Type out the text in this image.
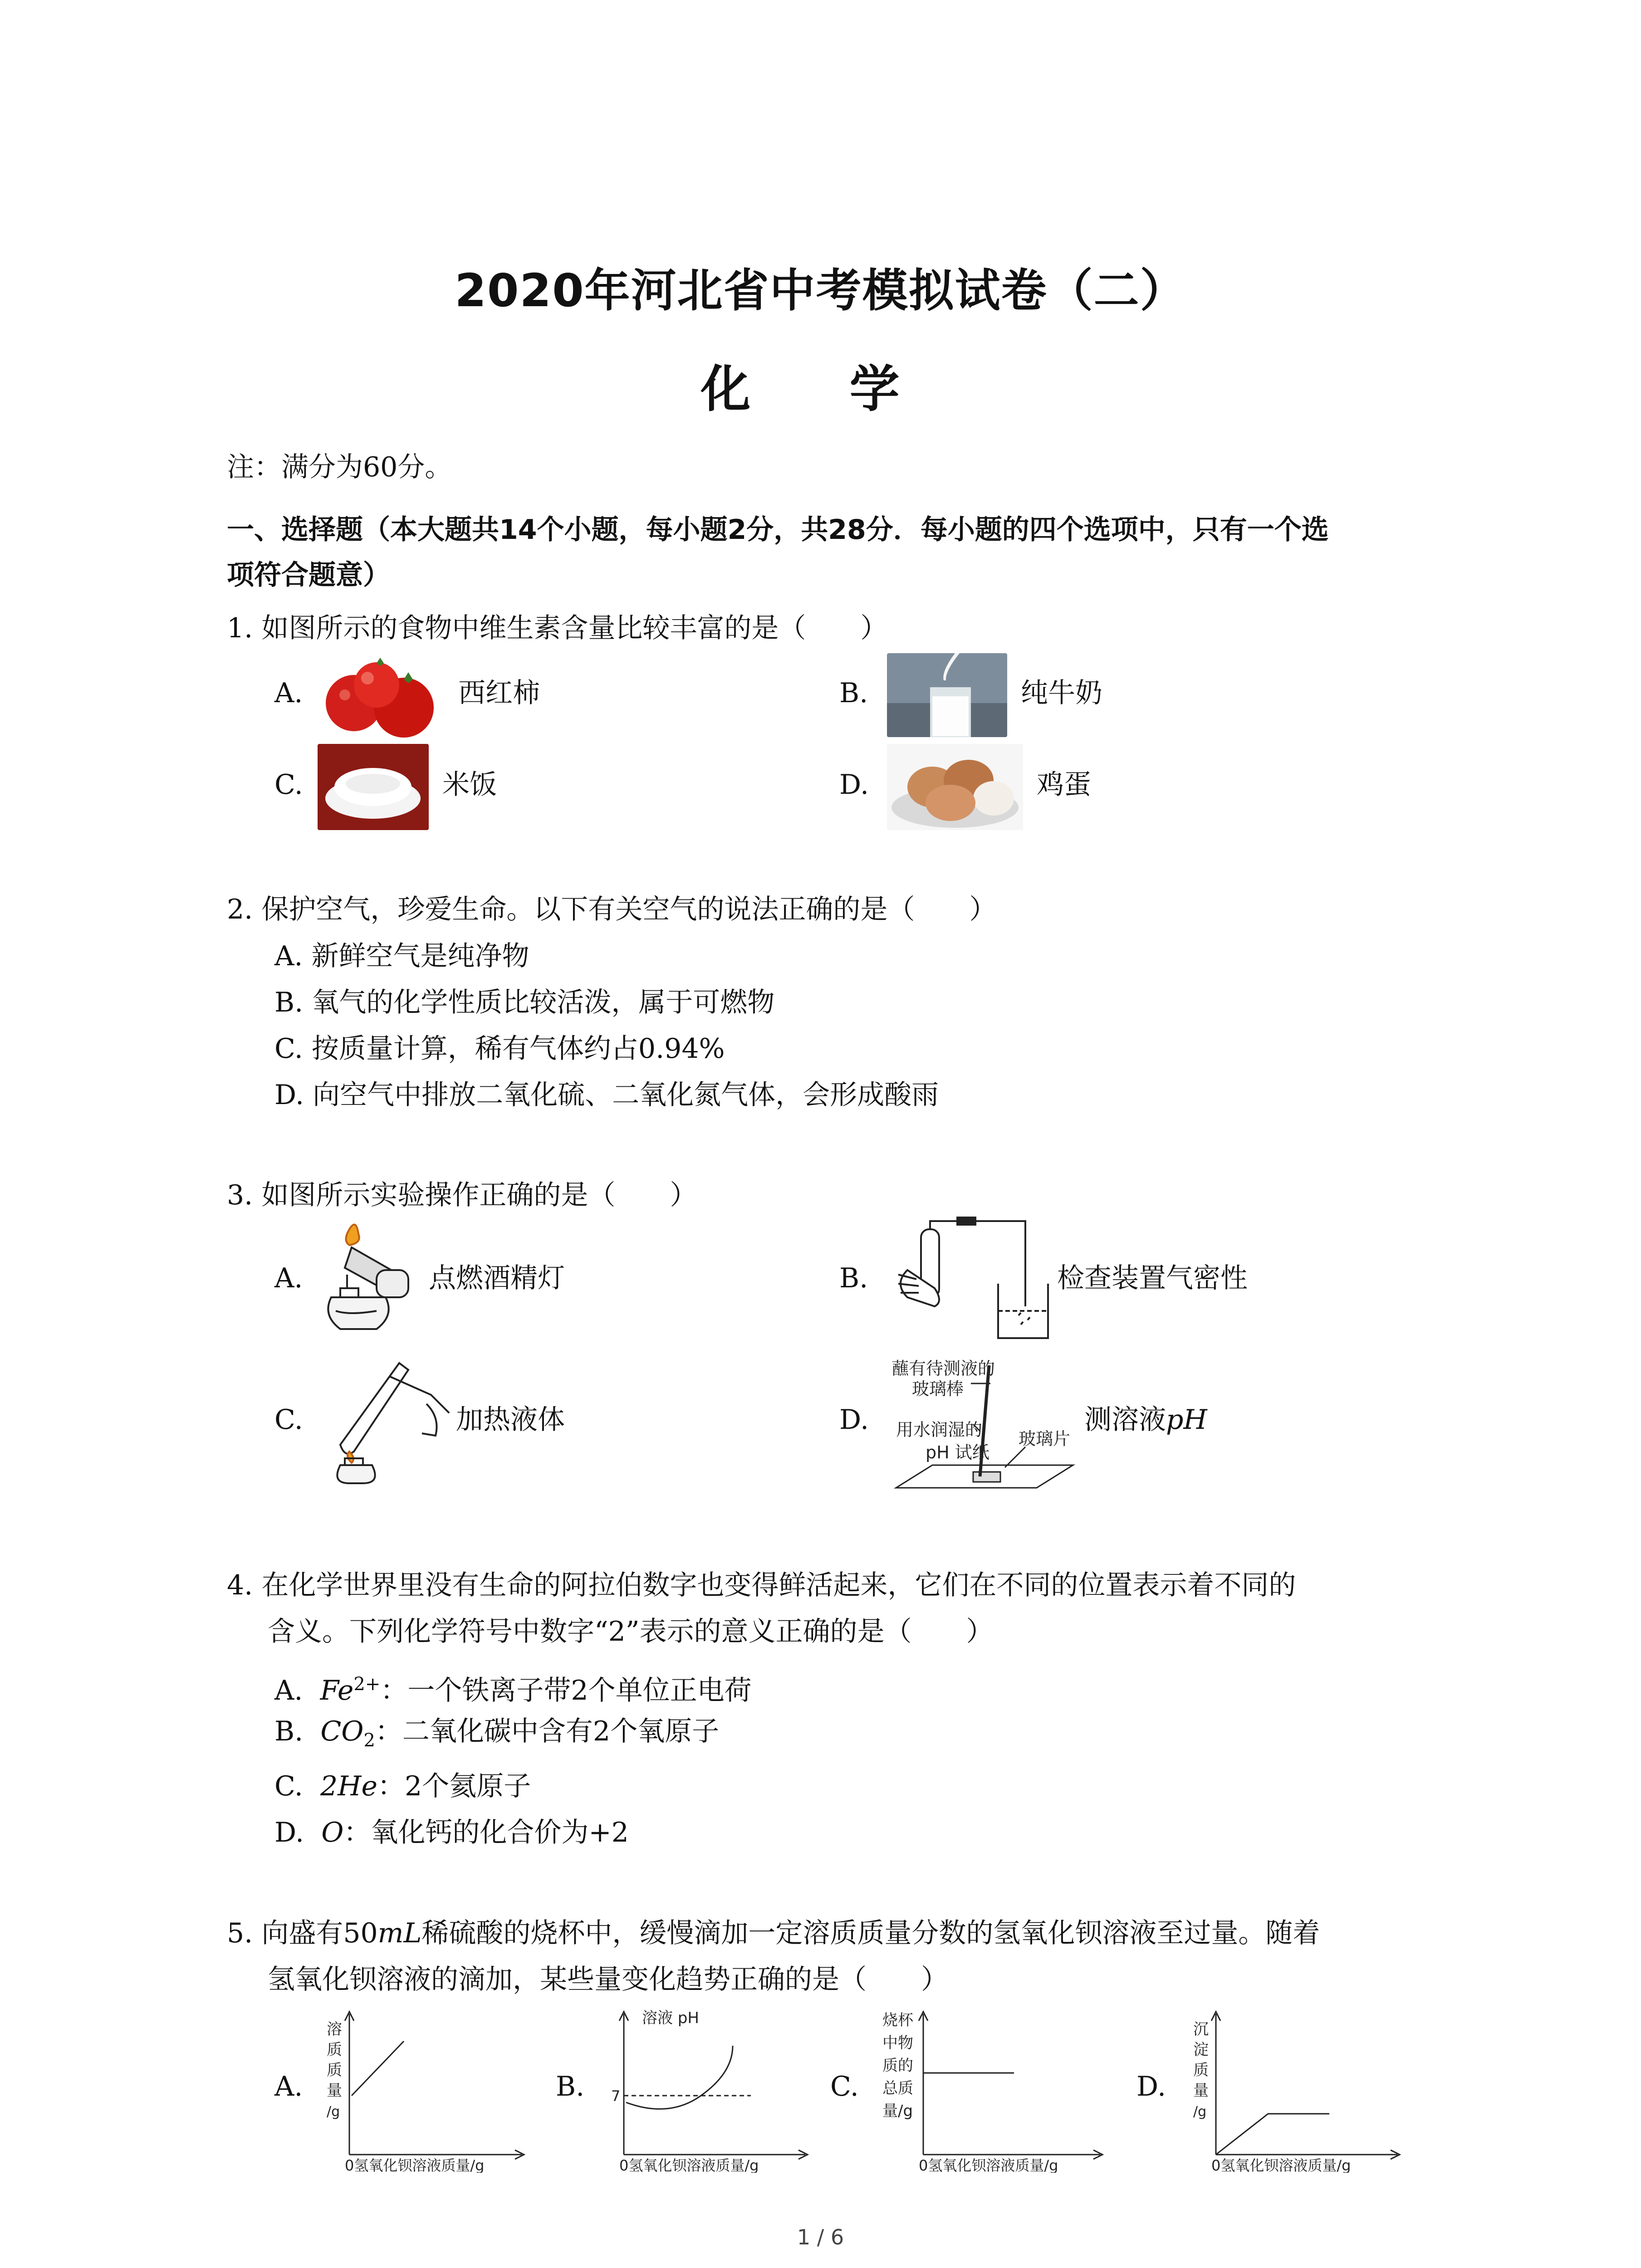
2020年河北省中考模拟试卷（二）
化 学
注：满分为60分。
一、选择题（本大题共14个小题，每小题2分，共28分．每小题的四个选项中，只有一个选
项符合题意）
1. 如图所示的食物中维生素含量比较丰富的是（　　）
A.	西红柿	B.	纯牛奶
C.	米饭	D.	鸡蛋
2. 保护空气，珍爱生命。以下有关空气的说法正确的是（　　）
A. 新鲜空气是纯净物
B. 氧气的化学性质比较活泼，属于可燃物
C. 按质量计算，稀有气体约占0.94%
D. 向空气中排放二氧化硫、二氧化氮气体，会形成酸雨
3. 如图所示实验操作正确的是（　　）
A.	点燃酒精灯	B.	检查装置气密性
C.	加热液体	D.
蘸有待测液的
玻璃棒
用水润湿的
pH 试纸
玻璃片
测溶液pH
4. 在化学世界里没有生命的阿拉伯数字也变得鲜活起来，它们在不同的位置表示着不同的
含义。下列化学符号中数字“2”表示的意义正确的是（　　）
A. $Fe^{2+}$：一个铁离子带2个单位正电荷
B. $CO_2$：二氧化碳中含有2个氧原子
C. 2He：2个氦原子
D. O：氧化钙的化合价为+2
5. 向盛有50mL稀硫酸的烧杯中，缓慢滴加一定溶质质量分数的氢氧化钡溶液至过量。随着
氢氧化钡溶液的滴加，某些量变化趋势正确的是（　　）
A.
溶
质
质
量
/g
0氢氧化钡溶液质量/g
B.
溶液 pH
7
0氢氧化钡溶液质量/g
C.
烧杯
中物
质的
总质
量/g
0氢氧化钡溶液质量/g
D.
沉
淀
质
量
/g
0氢氧化钡溶液质量/g
1 / 6
